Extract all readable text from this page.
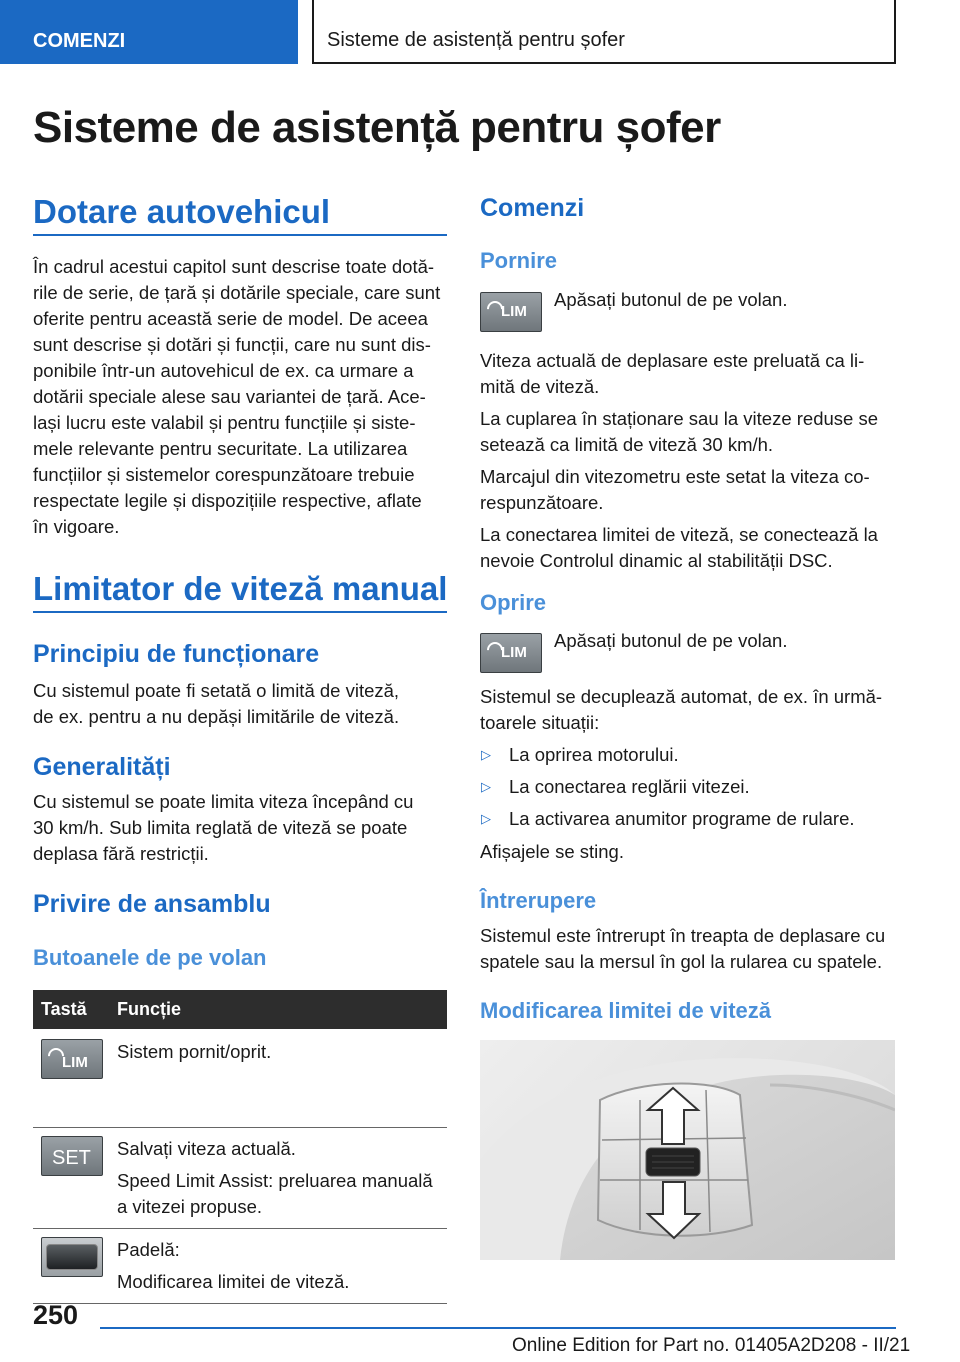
COMENZI	Sisteme de asistență pentru șofer
Sisteme de asistență pentru șofer
Dotare autovehicul
În cadrul acestui capitol sunt descrise toate dotă-
rile de serie, de țară și dotările speciale, care sunt
oferite pentru această serie de model. De aceea
sunt descrise și dotări și funcții, care nu sunt dis-
ponibile într-un autovehicul de ex. ca urmare a
dotării speciale alese sau variantei de țară. Ace-
lași lucru este valabil și pentru funcțiile și siste-
mele relevante pentru securitate. La utilizarea
funcțiilor și sistemelor corespunzătoare trebuie
respectate legile și dispozițiile respective, aflate
în vigoare.
Limitator de viteză manual
Principiu de funcționare
Cu sistemul poate fi setată o limită de viteză,
de ex. pentru a nu depăși limitările de viteză.
Generalități
Cu sistemul se poate limita viteza începând cu
30 km/h. Sub limita reglată de viteză se poate
deplasa fără restricții.
Privire de ansamblu
Butoanele de pe volan
Tastă	Funcție

LIM	Sistem pornit/oprit.

SET	Salvați viteza actuală.
Speed Limit Assist: preluarea manuală
a vitezei propuse.

	Padelă:
Modificarea limitei de viteză.
Comenzi
Pornire
LIM
Apăsați butonul de pe volan.
Viteza actuală de deplasare este preluată ca li-
mită de viteză.
La cuplarea în staționare sau la viteze reduse se
setează ca limită de viteză 30 km/h.
Marcajul din vitezometru este setat la viteza co-
respunzătoare.
La conectarea limitei de viteză, se conectează la
nevoie Controlul dinamic al stabilității DSC.
Oprire
LIM
Apăsați butonul de pe volan.
Sistemul se decuplează automat, de ex. în urmă-
toarele situații:
▷ La oprirea motorului.
▷ La conectarea reglării vitezei.
▷ La activarea anumitor programe de rulare.
Afișajele se sting.
Întrerupere
Sistemul este întrerupt în treapta de deplasare cu
spatele sau la mersul în gol la rularea cu spatele.
Modificarea limitei de viteză
250
Online Edition for Part no. 01405A2D208 - II/21
